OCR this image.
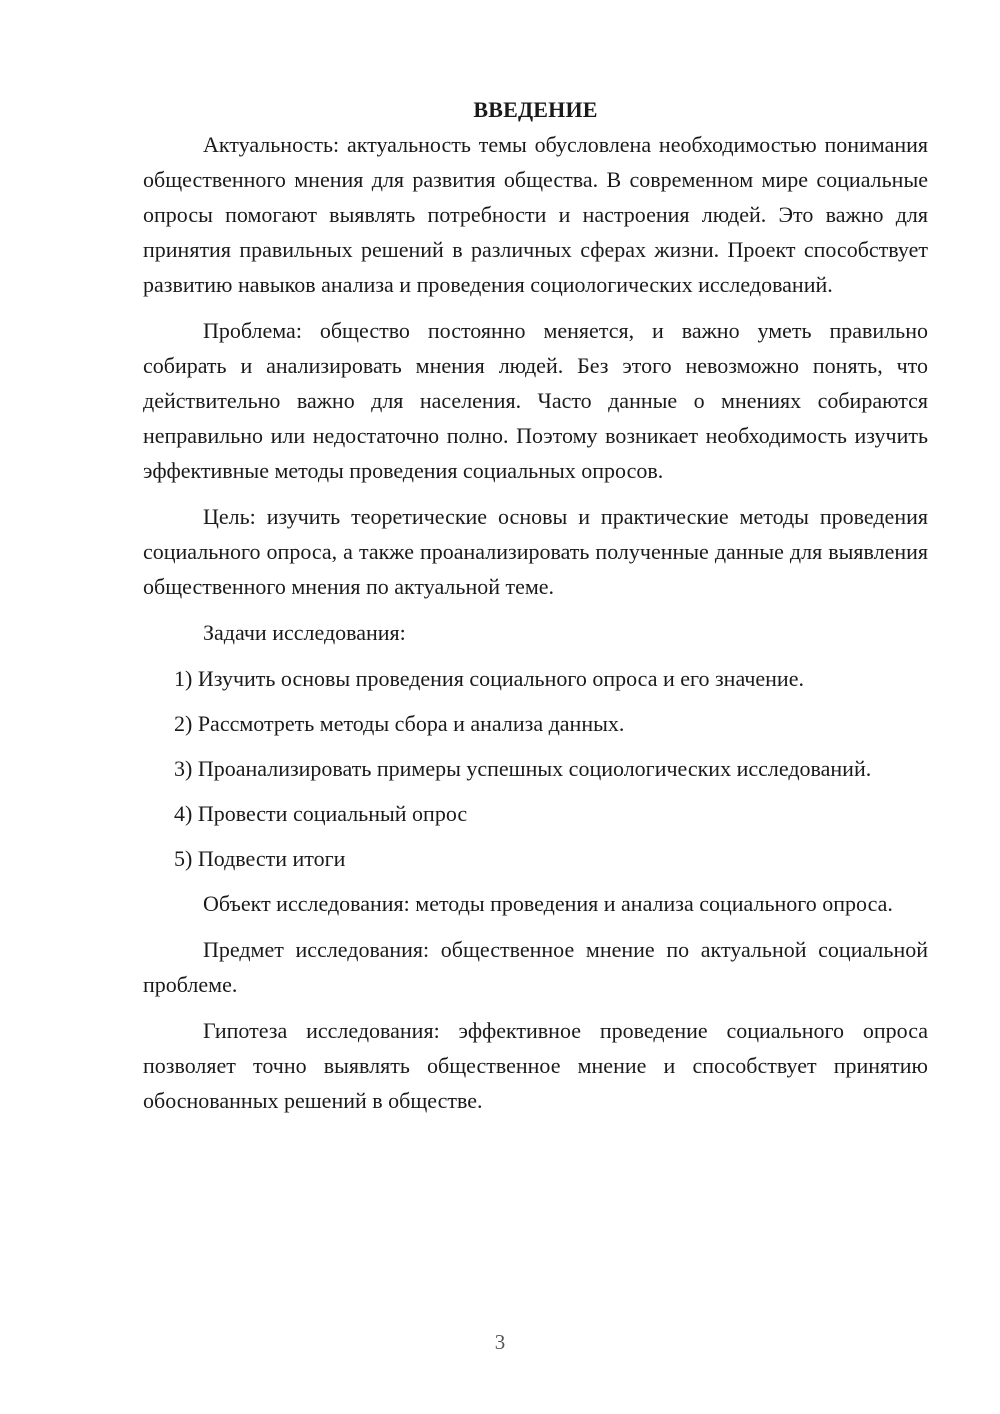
ВВЕДЕНИЕ

Актуальность: актуальность темы обусловлена необходимостью понимания общественного мнения для развития общества. В современном мире социальные опросы помогают выявлять потребности и настроения людей. Это важно для принятия правильных решений в различных сферах жизни. Проект способствует развитию навыков анализа и проведения социологических исследований.

Проблема: общество постоянно меняется, и важно уметь правильно собирать и анализировать мнения людей. Без этого невозможно понять, что действительно важно для населения. Часто данные о мнениях собираются неправильно или недостаточно полно. Поэтому возникает необходимость изучить эффективные методы проведения социальных опросов.

Цель: изучить теоретические основы и практические методы проведения социального опроса, а также проанализировать полученные данные для выявления общественного мнения по актуальной теме.

Задачи исследования:

1) Изучить основы проведения социального опроса и его значение.

2) Рассмотреть методы сбора и анализа данных.

3) Проанализировать примеры успешных социологических исследований.

4) Провести социальный опрос

5) Подвести итоги

Объект исследования: методы проведения и анализа социального опроса.

Предмет исследования: общественное мнение по актуальной социальной проблеме.

Гипотеза исследования: эффективное проведение социального опроса позволяет точно выявлять общественное мнение и способствует принятию обоснованных решений в обществе.

3
